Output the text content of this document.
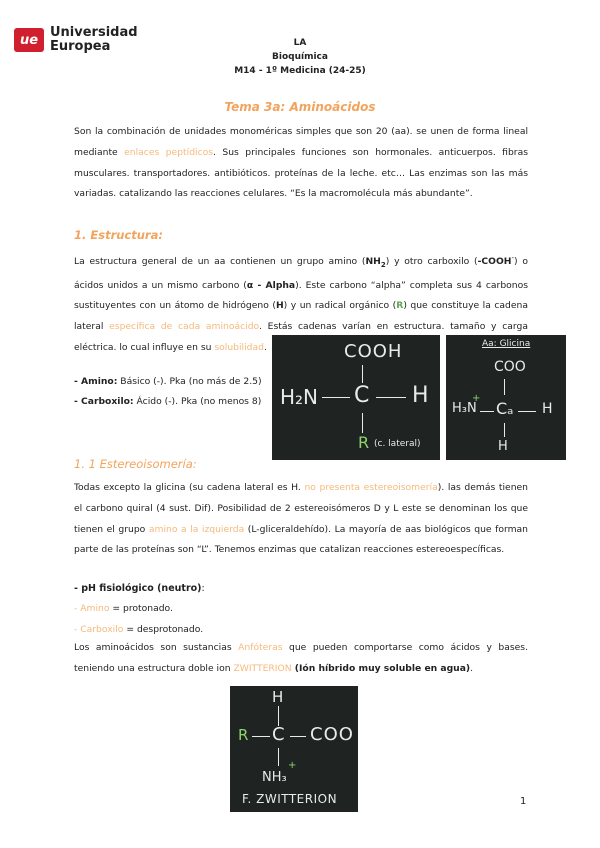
ue Universidad
Europea	LA
Bioquímica
M14 - 1º Medicina (24-25)
Tema 3a: Aminoácidos

Son la combinación de unidades monoméricas simples que son 20 (aa). se unen de forma lineal mediante enlaces peptídicos. Sus principales funciones son hormonales. anticuerpos. fibras musculares. transportadores. antibióticos. proteínas de la leche. etc… Las enzimas son las más variadas. catalizando las reacciones celulares. “Es la macromolécula más abundante”.

1. Estructura:

La estructura general de un aa contienen un grupo amino $(NH_2)$ y otro carboxilo (-COOH-) o ácidos unidos a un mismo carbono (α - Alpha). Este carbono “alpha” completa sus 4 carbonos sustituyentes con un átomo de hidrógeno (H) y un radical orgánico (R) que constituye la cadena lateral específica de cada aminoácido. Estás cadenas varían en estructura. tamaño y carga eléctrica. lo cual influye en su solubilidad.

- Amino: Básico (-). Pka (no más de 2.5)
- Carboxilo: Ácido (-). Pka (no menos 8)
COOH
H₂N C H
R (c. lateral)
Aa: Glicina
COO
H₃N
+
Cₐ H
H
1. 1 Estereoisomería:

Todas excepto la glicina (su cadena lateral es H. no presenta estereoisomería). las demás tienen el carbono quiral (4 sust. Dif). Posibilidad de 2 estereoisómeros D y L este se denominan los que tienen el grupo amino a la izquierda (L-gliceraldehído). La mayoría de aas biológicos que forman parte de las proteínas son “L”. Tenemos enzimas que catalizan reacciones estereoespecíficas.

- pH fisiológico (neutro):
- Amino = protonado.
- Carboxilo = desprotonado.

Los aminoácidos son sustancias Anfóteras que pueden comportarse como ácidos y bases. teniendo una estructura doble ion ZWITTERION (Ión híbrido muy soluble en agua).

H
R C COO
NH₃
+
F. ZWITTERION	1
